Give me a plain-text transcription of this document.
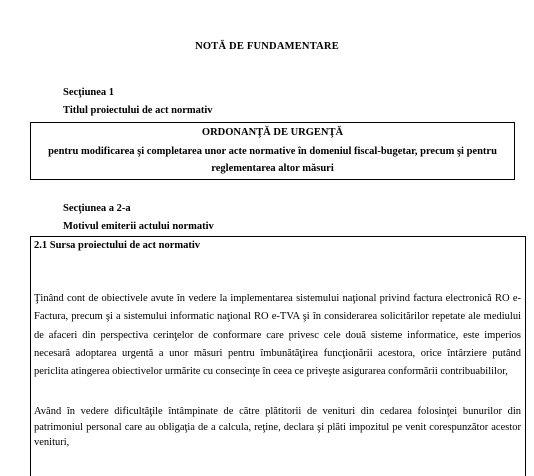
NOTĂ DE FUNDAMENTARE
Secţiunea 1
Titlul proiectului de act normativ
ORDONANŢĂ DE URGENŢĂ
pentru modificarea şi completarea unor acte normative în domeniul fiscal-bugetar, precum şi pentru reglementarea altor măsuri
Secţiunea a 2-a
Motivul emiterii actului normativ
2.1 Sursa proiectului de act normativ
Ţinând cont de obiectivele avute în vedere la implementarea sistemului naţional privind factura electronică RO e-Factura, precum şi a sistemului informatic naţional RO e-TVA şi în considerarea solicitărilor repetate ale mediului de afaceri din perspectiva cerinţelor de conformare care privesc cele două sisteme informatice, este imperios necesară adoptarea urgentă a unor măsuri pentru îmbunătăţirea funcţionării acestora, orice întârziere putând periclita atingerea obiectivelor urmărite cu consecinţe în ceea ce priveşte asigurarea conformării contribuabililor,
Având în vedere dificultăţile întâmpinate de către plătitorii de venituri din cedarea folosinţei bunurilor din patrimoniul personal care au obligaţia de a calcula, reţine, declara şi plăti impozitul pe venit corespunzător acestor venituri,
